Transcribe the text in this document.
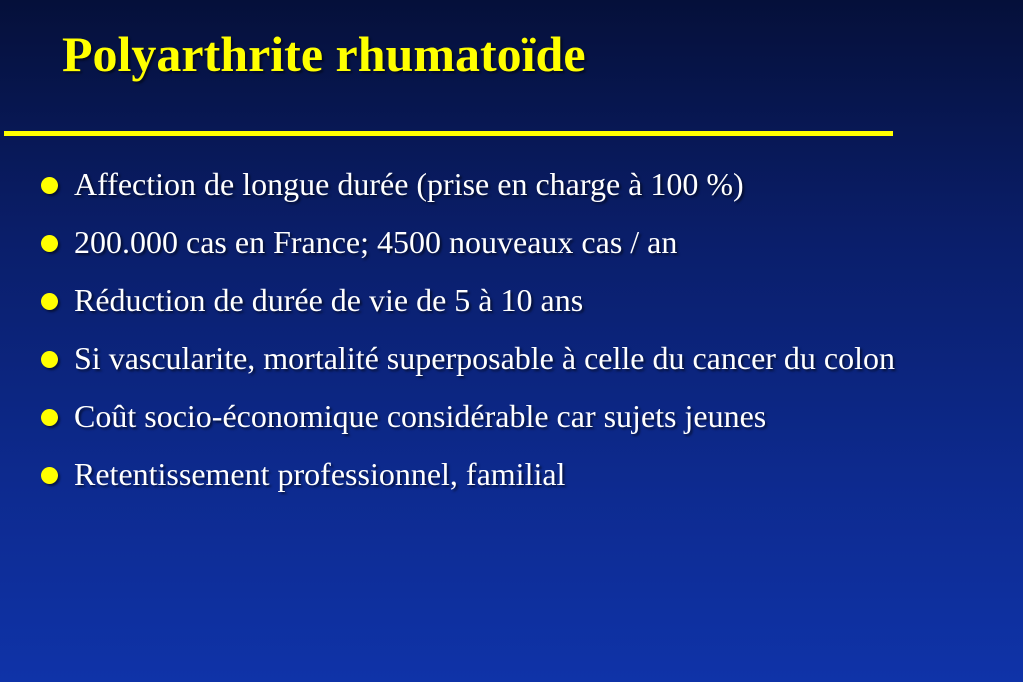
Polyarthrite rhumatoïde
Affection de longue durée (prise en charge à 100 %)
200.000 cas en France; 4500 nouveaux cas / an
Réduction de durée de vie de 5 à 10 ans
Si vascularite, mortalité superposable à celle du cancer du colon
Coût socio-économique considérable car sujets jeunes
Retentissement professionnel, familial
